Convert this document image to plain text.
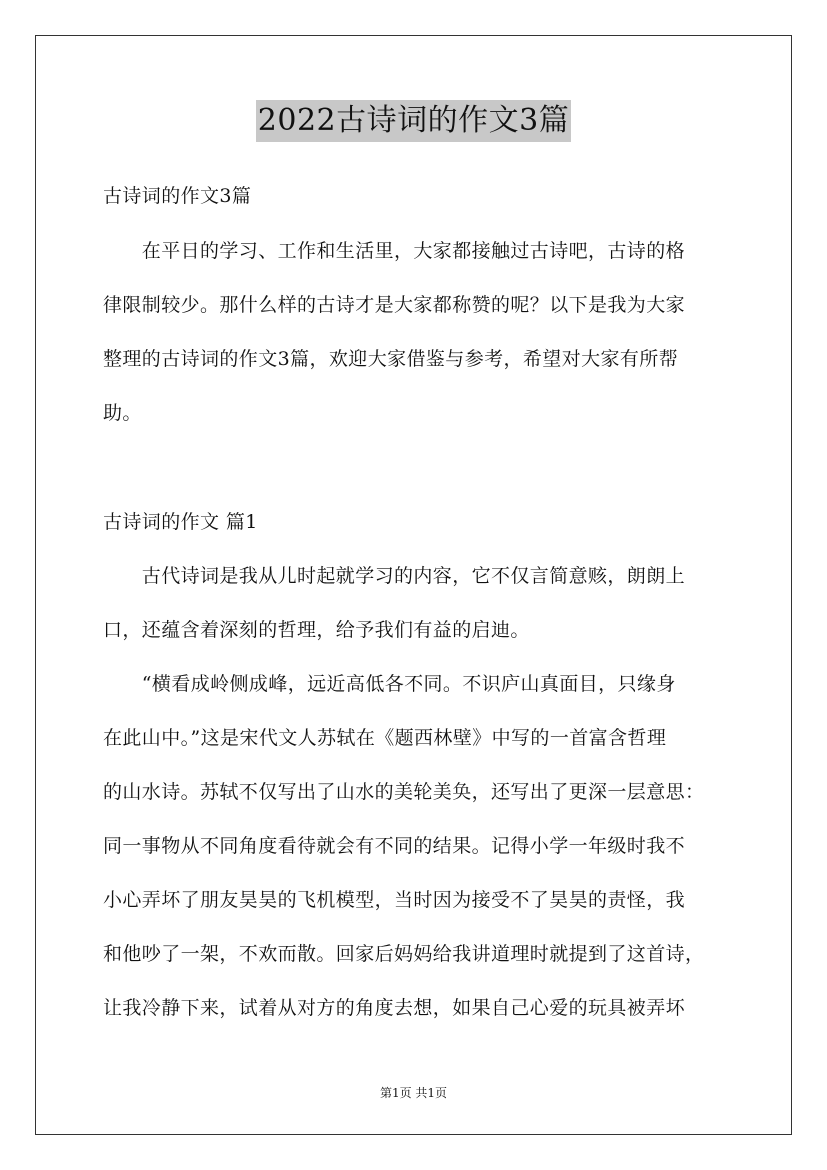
2022古诗词的作文3篇
古诗词的作文3篇
　　在平日的学习、工作和生活里，大家都接触过古诗吧，古诗的格
律限制较少。那什么样的古诗才是大家都称赞的呢？以下是我为大家
整理的古诗词的作文3篇，欢迎大家借鉴与参考，希望对大家有所帮
助。
古诗词的作文 篇1
　　古代诗词是我从儿时起就学习的内容，它不仅言简意赅，朗朗上
口，还蕴含着深刻的哲理，给予我们有益的启迪。
　　“横看成岭侧成峰，远近高低各不同。不识庐山真面目，只缘身
在此山中。”这是宋代文人苏轼在《题西林壁》中写的一首富含哲理
的山水诗。苏轼不仅写出了山水的美轮美奂，还写出了更深一层意思：
同一事物从不同角度看待就会有不同的结果。记得小学一年级时我不
小心弄坏了朋友昊昊的飞机模型，当时因为接受不了昊昊的责怪，我
和他吵了一架，不欢而散。回家后妈妈给我讲道理时就提到了这首诗，
让我冷静下来，试着从对方的角度去想，如果自己心爱的玩具被弄坏
第1页 共1页
